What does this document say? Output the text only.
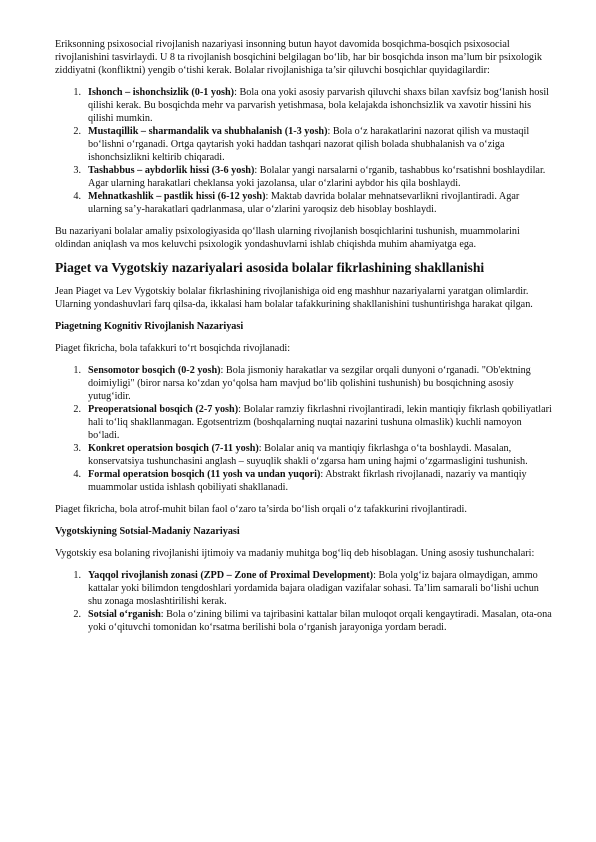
Eriksonning psixosocial rivojlanish nazariyasi insonning butun hayot davomida bosqichma-bosqich psixosocial rivojlanishini tasvirlaydi. U 8 ta rivojlanish bosqichini belgilagan bo‘lib, har bir bosqichda inson ma’lum bir psixologik ziddiyatni (konfliktni) yengib o‘tishi kerak. Bolalar rivojlanishiga ta’sir qiluvchi bosqichlar quyidagilardir:

1. Ishonch – ishonchsizlik (0-1 yosh): Bola ona yoki asosiy parvarish qiluvchi shaxs bilan xavfsiz bog‘lanish hosil qilishi kerak. Bu bosqichda mehr va parvarish yetishmasa, bola kelajakda ishonchsizlik va xavotir hissini his qilishi mumkin.
2. Mustaqillik – sharmandalik va shubhalanish (1-3 yosh): Bola o‘z harakatlarini nazorat qilish va mustaqil bo‘lishni o‘rganadi. Ortga qaytarish yoki haddan tashqari nazorat qilish bolada shubhalanish va o‘ziga ishonchsizlikni keltirib chiqaradi.
3. Tashabbus – aybdorlik hissi (3-6 yosh): Bolalar yangi narsalarni o‘rganib, tashabbus ko‘rsatishni boshlaydilar. Agar ularning harakatlari cheklansa yoki jazolansa, ular o‘zlarini aybdor his qila boshlaydi.
4. Mehnatkashlik – pastlik hissi (6-12 yosh): Maktab davrida bolalar mehnatsevarlikni rivojlantiradi. Agar ularning sa’y-harakatlari qadrlanmasa, ular o‘zlarini yaroqsiz deb hisoblay boshlaydi.

Bu nazariyani bolalar amaliy psixologiyasida qo‘llash ularning rivojlanish bosqichlarini tushunish, muammolarini oldindan aniqlash va mos keluvchi psixologik yondashuvlarni ishlab chiqishda muhim ahamiyatga ega.

Piaget va Vygotskiy nazariyalari asosida bolalar fikrlashining shakllanishi

Jean Piaget va Lev Vygotskiy bolalar fikrlashining rivojlanishiga oid eng mashhur nazariyalarni yaratgan olimlardir. Ularning yondashuvlari farq qilsa-da, ikkalasi ham bolalar tafakkurining shakllanishini tushuntirishga harakat qilgan.

Piagetning Kognitiv Rivojlanish Nazariyasi

Piaget fikricha, bola tafakkuri to‘rt bosqichda rivojlanadi:

1. Sensomotor bosqich (0-2 yosh): Bola jismoniy harakatlar va sezgilar orqali dunyoni o‘rganadi. "Ob'ektning doimiyligi" (biror narsa ko‘zdan yo‘qolsa ham mavjud bo‘lib qolishini tushunish) bu bosqichning asosiy yutug‘idir.
2. Preoperatsional bosqich (2-7 yosh): Bolalar ramziy fikrlashni rivojlantiradi, lekin mantiqiy fikrlash qobiliyatlari hali to‘liq shakllanmagan. Egotsentrizm (boshqalarning nuqtai nazarini tushuna olmaslik) kuchli namoyon bo‘ladi.
3. Konkret operatsion bosqich (7-11 yosh): Bolalar aniq va mantiqiy fikrlashga o‘ta boshlaydi. Masalan, konservatsiya tushunchasini anglash – suyuqlik shakli o‘zgarsa ham uning hajmi o‘zgarmasligini tushunish.
4. Formal operatsion bosqich (11 yosh va undan yuqori): Abstrakt fikrlash rivojlanadi, nazariy va mantiqiy muammolar ustida ishlash qobiliyati shakllanadi.

Piaget fikricha, bola atrof-muhit bilan faol o‘zaro ta’sirda bo‘lish orqali o‘z tafakkurini rivojlantiradi.

Vygotskiyning Sotsial-Madaniy Nazariyasi

Vygotskiy esa bolaning rivojlanishi ijtimoiy va madaniy muhitga bog‘liq deb hisoblagan. Uning asosiy tushunchalari:

1. Yaqqol rivojlanish zonasi (ZPD – Zone of Proximal Development): Bola yolg‘iz bajara olmaydigan, ammo kattalar yoki bilimdon tengdoshlari yordamida bajara oladigan vazifalar sohasi. Ta’lim samarali bo‘lishi uchun shu zonaga moslashtirilishi kerak.
2. Sotsial o‘rganish: Bola o‘zining bilimi va tajribasini kattalar bilan muloqot orqali kengaytiradi. Masalan, ota-ona yoki o‘qituvchi tomonidan ko‘rsatma berilishi bola o‘rganish jarayoniga yordam beradi.
